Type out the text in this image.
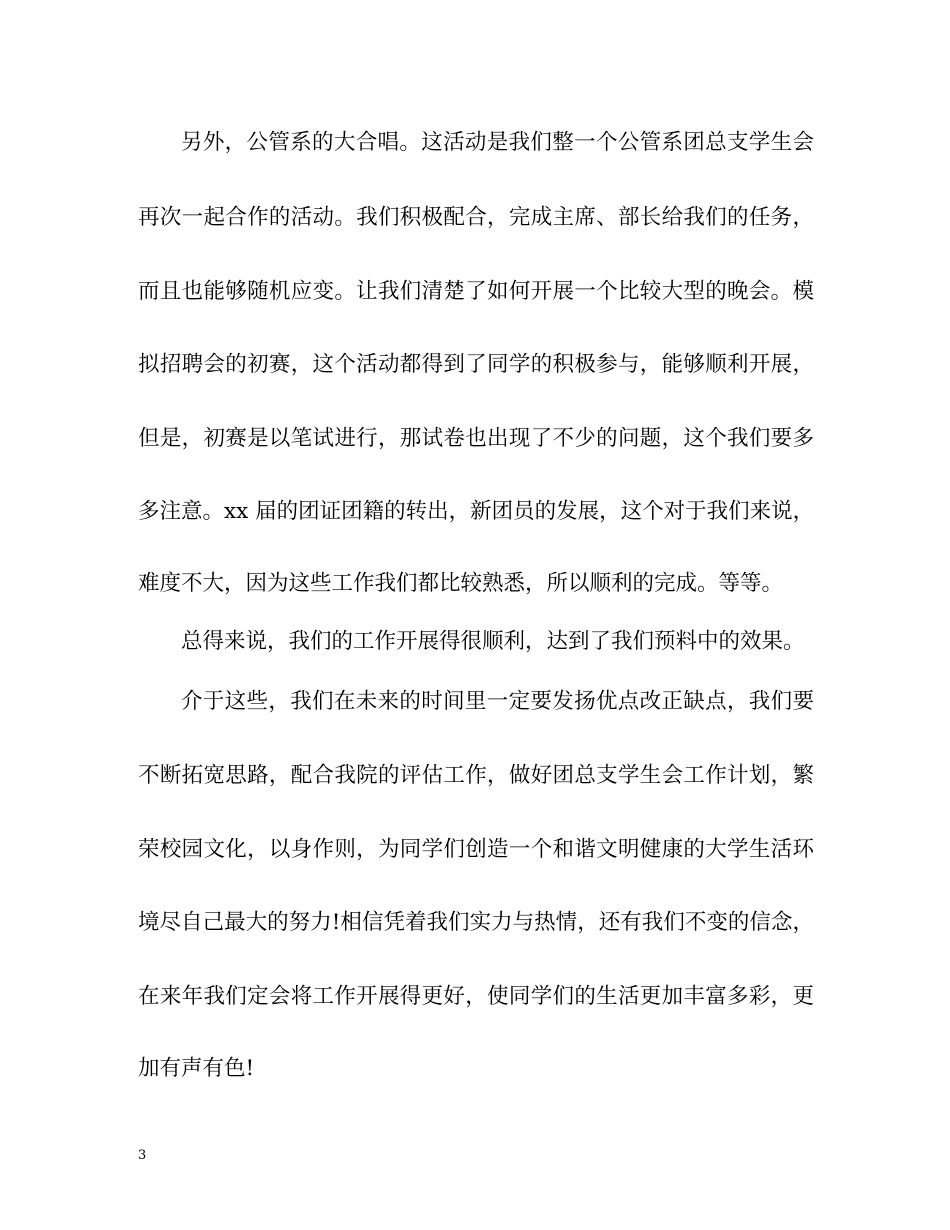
另外，公管系的大合唱。这活动是我们整一个公管系团总支学生会
再次一起合作的活动。我们积极配合，完成主席、部长给我们的任务，
而且也能够随机应变。让我们清楚了如何开展一个比较大型的晚会。模
拟招聘会的初赛，这个活动都得到了同学的积极参与，能够顺利开展，
但是，初赛是以笔试进行，那试卷也出现了不少的问题，这个我们要多
多注意。xx 届的团证团籍的转出，新团员的发展，这个对于我们来说，
难度不大，因为这些工作我们都比较熟悉，所以顺利的完成。等等。
总得来说，我们的工作开展得很顺利，达到了我们预料中的效果。
介于这些，我们在未来的时间里一定要发扬优点改正缺点，我们要
不断拓宽思路，配合我院的评估工作，做好团总支学生会工作计划，繁
荣校园文化，以身作则，为同学们创造一个和谐文明健康的大学生活环
境尽自己最大的努力!相信凭着我们实力与热情，还有我们不变的信念，
在来年我们定会将工作开展得更好，使同学们的生活更加丰富多彩，更
加有声有色!
3
